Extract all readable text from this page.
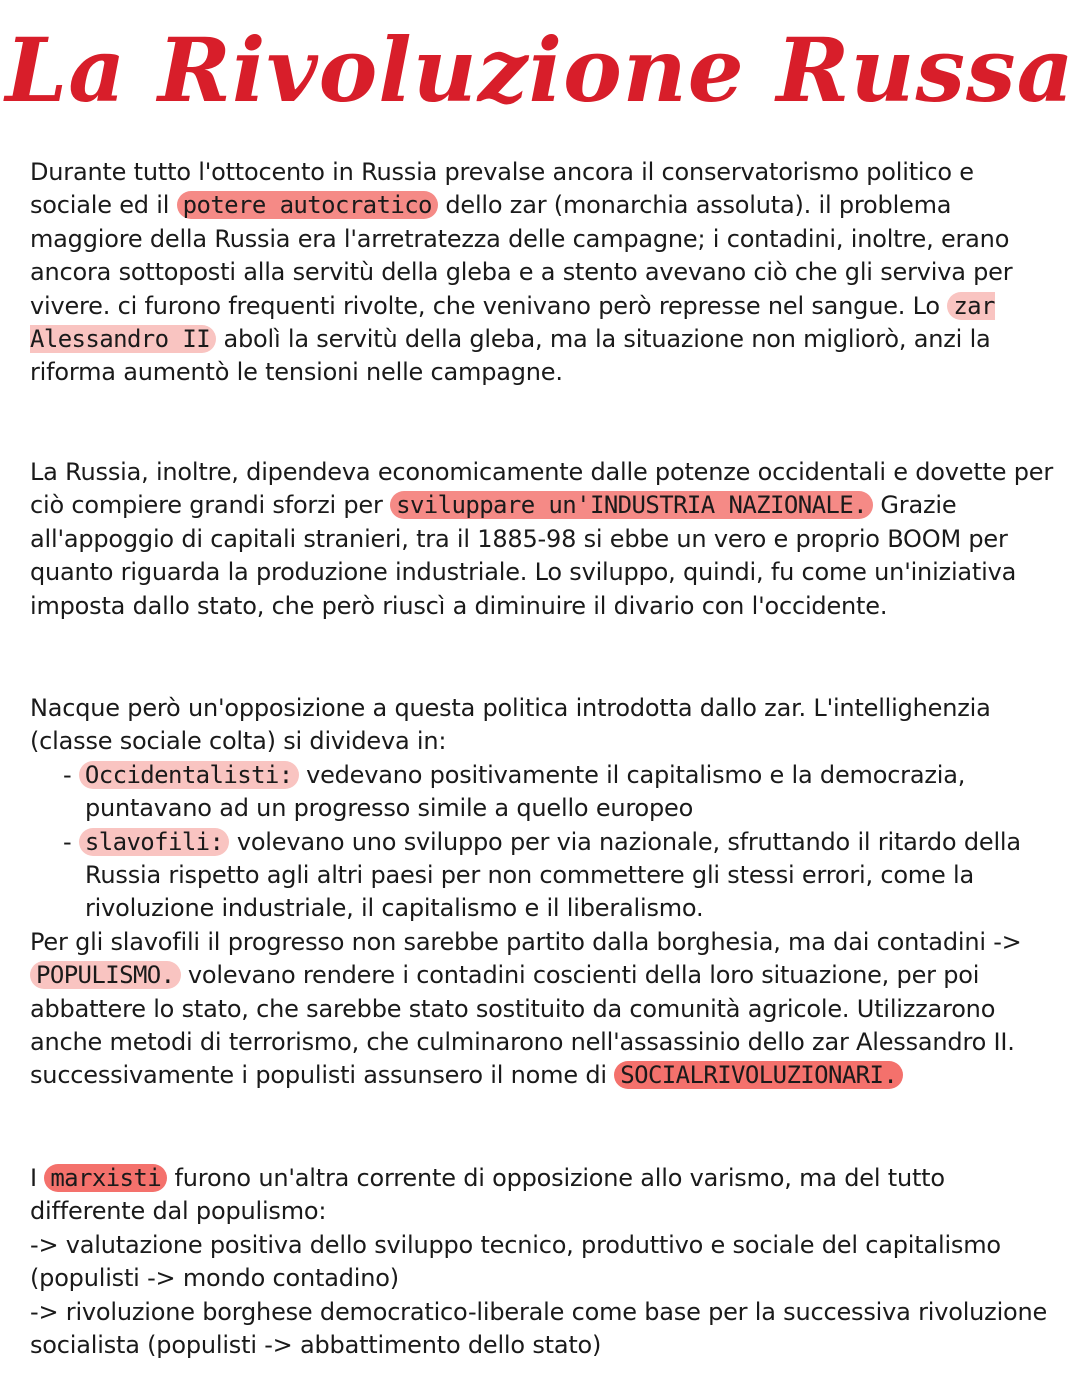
La Rivoluzione Russa
Durante tutto l'ottocento in Russia prevalse ancora il conservatorismo politico e sociale ed il potere autocratico dello zar (monarchia assoluta). il problema maggiore della Russia era l'arretratezza delle campagne; i contadini, inoltre, erano ancora sottoposti alla servitù della gleba e a stento avevano ciò che gli serviva per vivere. ci furono frequenti rivolte, che venivano però represse nel sangue. Lo zar Alessandro II abolì la servitù della gleba, ma la situazione non migliorò, anzi la riforma aumentò le tensioni nelle campagne.
La Russia, inoltre, dipendeva economicamente dalle potenze occidentali e dovette per ciò compiere grandi sforzi per sviluppare un'INDUSTRIA NAZIONALE. Grazie all'appoggio di capitali stranieri, tra il 1885-98 si ebbe un vero e proprio BOOM per quanto riguarda la produzione industriale. Lo sviluppo, quindi, fu come un'iniziativa imposta dallo stato, che però riuscì a diminuire il divario con l'occidente.
Nacque però un'opposizione a questa politica introdotta dallo zar. L'intellighenzia (classe sociale colta) si divideva in:
- Occidentalisti: vedevano positivamente il capitalismo e la democrazia, puntavano ad un progresso simile a quello europeo
- slavofili: volevano uno sviluppo per via nazionale, sfruttando il ritardo della Russia rispetto agli altri paesi per non commettere gli stessi errori, come la rivoluzione industriale, il capitalismo e il liberalismo.
Per gli slavofili il progresso non sarebbe partito dalla borghesia, ma dai contadini -> POPULISMO. volevano rendere i contadini coscienti della loro situazione, per poi abbattere lo stato, che sarebbe stato sostituito da comunità agricole. Utilizzarono anche metodi di terrorismo, che culminarono nell'assassinio dello zar Alessandro II. successivamente i populisti assunsero il nome di SOCIALRIVOLUZIONARI.
I marxisti furono un'altra corrente di opposizione allo varismo, ma del tutto differente dal populismo:
-> valutazione positiva dello sviluppo tecnico, produttivo e sociale del capitalismo (populisti -> mondo contadino)
-> rivoluzione borghese democratico-liberale come base per la successiva rivoluzione socialista (populisti -> abbattimento dello stato)
